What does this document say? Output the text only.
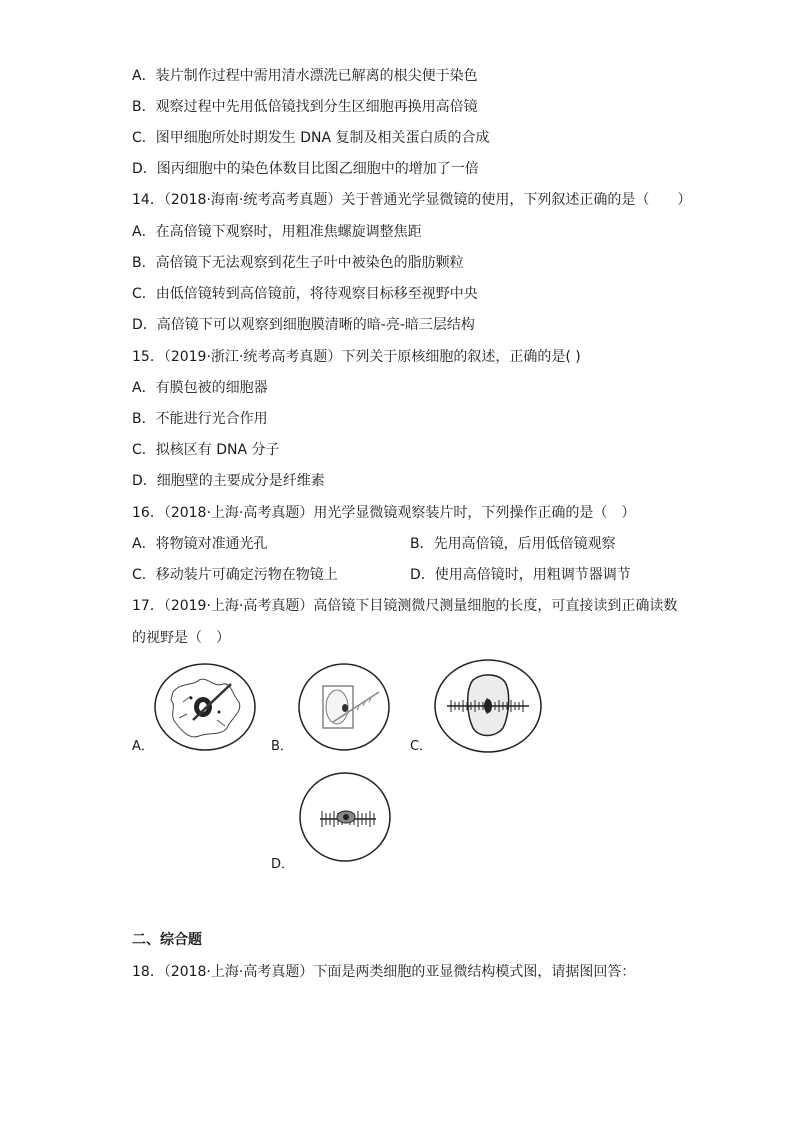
A．装片制作过程中需用清水漂洗已解离的根尖便于染色
B．观察过程中先用低倍镜找到分生区细胞再换用高倍镜
C．图甲细胞所处时期发生 DNA 复制及相关蛋白质的合成
D．图丙细胞中的染色体数目比图乙细胞中的增加了一倍
14．（2018·海南·统考高考真题）关于普通光学显微镜的使用，下列叙述正确的是（　　）
A．在高倍镜下观察时，用粗准焦螺旋调整焦距
B．高倍镜下无法观察到花生子叶中被染色的脂肪颗粒
C．由低倍镜转到高倍镜前，将待观察目标移至视野中央
D．高倍镜下可以观察到细胞膜清晰的暗-亮-暗三层结构
15．（2019·浙江·统考高考真题）下列关于原核细胞的叙述，正确的是( )
A．有膜包被的细胞器
B．不能进行光合作用
C．拟核区有 DNA 分子
D．细胞壁的主要成分是纤维素
16．（2018·上海·高考真题）用光学显微镜观察装片时，下列操作正确的是（　）
A．将物镜对准通光孔	B．先用高倍镜，后用低倍镜观察
C．移动装片可确定污物在物镜上	D．使用高倍镜时，用粗调节器调节
17．（2019·上海·高考真题）高倍镜下目镜测微尺测量细胞的长度，可直接读到正确读数
的视野是（　）
A．	B．	C．
D．
二、综合题
18．（2018·上海·高考真题）下面是两类细胞的亚显微结构模式图，请据图回答：
